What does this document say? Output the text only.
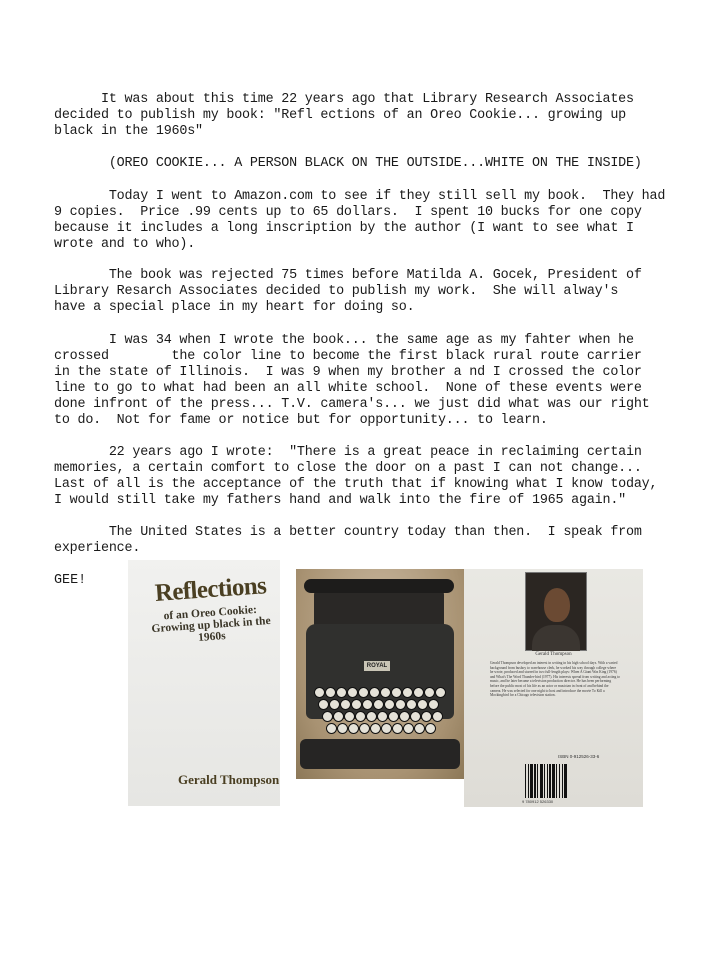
It was about this time 22 years ago that Library Research Associates
decided to publish my book: "Refl ections of an Oreo Cookie... growing up
black in the 1960s"
(OREO COOKIE... A PERSON BLACK ON THE OUTSIDE...WHITE ON THE INSIDE)
Today I went to Amazon.com to see if they still sell my book.  They had
9 copies.  Price .99 cents up to 65 dollars.  I spent 10 bucks for one copy
because it includes a long inscription by the author (I want to see what I
wrote and to who).
The book was rejected 75 times before Matilda A. Gocek, President of
Library Resarch Associates decided to publish my work.  She will alway's
have a special place in my heart for doing so.
I was 34 when I wrote the book... the same age as my fahter when he
crossed        the color line to become the first black rural route carrier
in the state of Illinois.  I was 9 when my brother a nd I crossed the color
line to go to what had been an all white school.  None of these events were
done infront of the press... T.V. camera's... we just did what was our right
to do.  Not for fame or notice but for opportunity... to learn.
22 years ago I wrote:  "There is a great peace in reclaiming certain
memories, a certain comfort to close the door on a past I can not change...
Last of all is the acceptance of the truth that if knowing what I know today,
I would still take my fathers hand and walk into the fire of 1965 again."
The United States is a better country today than then.  I speak from
experience.
GEE!	Reflections
of an Oreo Cookie:
Growing up black in the 1960s
Gerald Thompson
ROYAL
Gerald Thompson
Gerald Thompson developed an interest in writing in his high school days. With a varied background from busboy to warehouse clerk, he worked his way through college where he wrote, produced and starred in two full-length plays: When A Giant Was King (1976) and What's The Word Thunder-bird (1977). His interests spread from writing and acting to music, and he later became a television production director. He has been performing before the public most of his life as an actor or musician in front of and behind the camera. He was selected for one night to host and introduce the movie To Kill a Mockingbird for a Chicago television station.
ISBN 0-912526-33-6
9 780912 526330
